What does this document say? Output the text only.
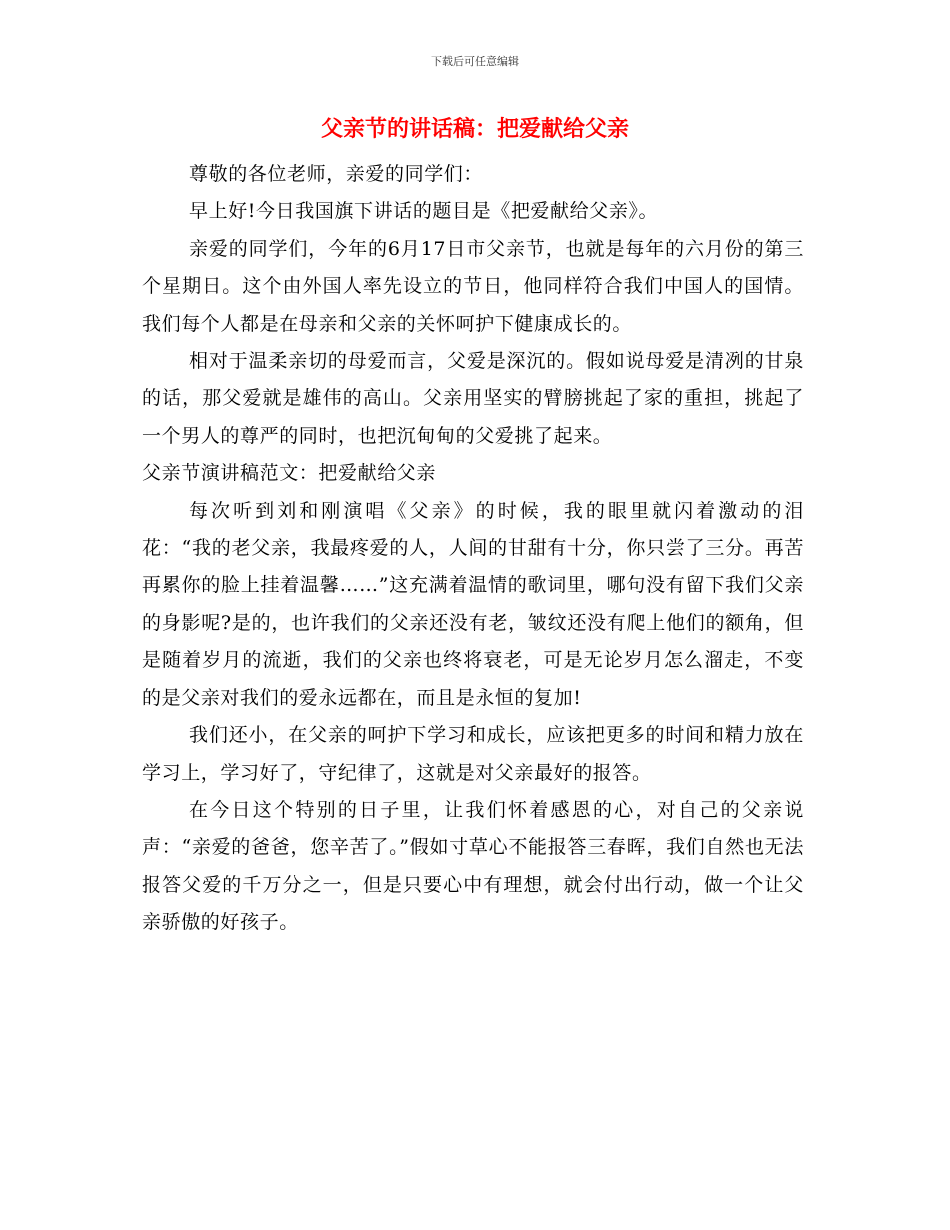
下载后可任意编辑
父亲节的讲话稿：把爱献给父亲

尊敬的各位老师，亲爱的同学们：

早上好!今日我国旗下讲话的题目是《把爱献给父亲》。

亲爱的同学们，今年的6月17日市父亲节，也就是每年的六月份的第三个星期日。这个由外国人率先设立的节日，他同样符合我们中国人的国情。我们每个人都是在母亲和父亲的关怀呵护下健康成长的。

相对于温柔亲切的母爱而言，父爱是深沉的。假如说母爱是清冽的甘泉的话，那父爱就是雄伟的高山。父亲用坚实的臂膀挑起了家的重担，挑起了一个男人的尊严的同时，也把沉甸甸的父爱挑了起来。

父亲节演讲稿范文：把爱献给父亲

每次听到刘和刚演唱《父亲》的时候，我的眼里就闪着激动的泪花：“我的老父亲，我最疼爱的人，人间的甘甜有十分，你只尝了三分。再苦再累你的脸上挂着温馨……”这充满着温情的歌词里，哪句没有留下我们父亲的身影呢?是的，也许我们的父亲还没有老，皱纹还没有爬上他们的额角，但是随着岁月的流逝，我们的父亲也终将衰老，可是无论岁月怎么溜走，不变的是父亲对我们的爱永远都在，而且是永恒的复加!

我们还小，在父亲的呵护下学习和成长，应该把更多的时间和精力放在学习上，学习好了，守纪律了，这就是对父亲最好的报答。

在今日这个特别的日子里，让我们怀着感恩的心，对自己的父亲说声：“亲爱的爸爸，您辛苦了。”假如寸草心不能报答三春晖，我们自然也无法报答父爱的千万分之一，但是只要心中有理想，就会付出行动，做一个让父亲骄傲的好孩子。
